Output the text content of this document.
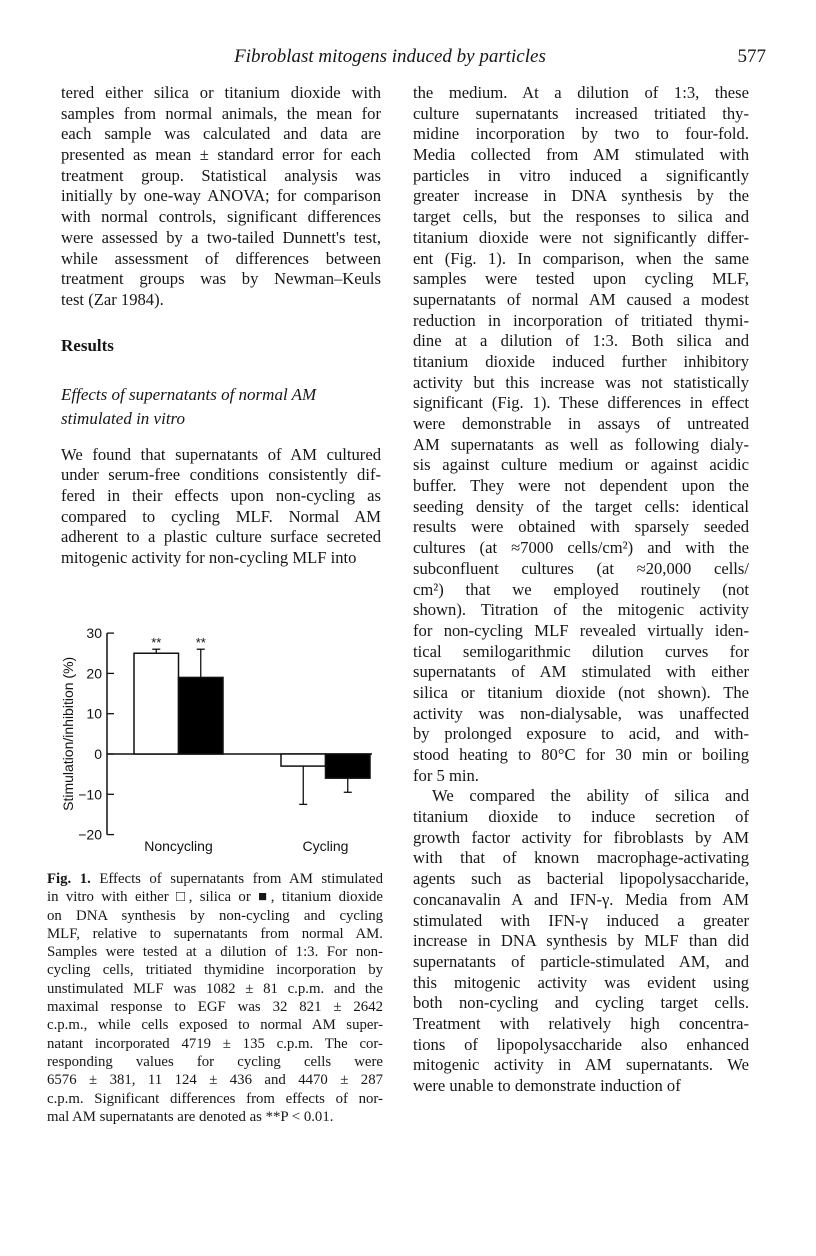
Fibroblast mitogens induced by particles	577
tered either silica or titanium dioxide with
samples from normal animals, the mean for
each sample was calculated and data are
presented as mean ± standard error for each
treatment group. Statistical analysis was
initially by one-way ANOVA; for comparison
with normal controls, significant differences
were assessed by a two-tailed Dunnett's test,
while assessment of differences between
treatment groups was by Newman–Keuls
test (Zar 1984).
Results
Effects of supernatants of normal AM
stimulated in vitro
We found that supernatants of AM cultured
under serum-free conditions consistently dif-
fered in their effects upon non-cycling as
compared to cycling MLF. Normal AM
adherent to a plastic culture surface secreted
mitogenic activity for non-cycling MLF into
30
20
10
0
−10
−20
Stimulation/inhibition (%)
Noncycling
**	**
Cycling
Fig. 1. Effects of supernatants from AM stimulated
in vitro with either □, silica or ■, titanium dioxide
on DNA synthesis by non-cycling and cycling
MLF, relative to supernatants from normal AM.
Samples were tested at a dilution of 1:3. For non-
cycling cells, tritiated thymidine incorporation by
unstimulated MLF was 1082 ± 81 c.p.m. and the
maximal response to EGF was 32 821 ± 2642
c.p.m., while cells exposed to normal AM super-
natant incorporated 4719 ± 135 c.p.m. The cor-
responding values for cycling cells were
6576 ± 381, 11 124 ± 436 and 4470 ± 287
c.p.m. Significant differences from effects of nor-
mal AM supernatants are denoted as **P < 0.01.
the medium. At a dilution of 1:3, these
culture supernatants increased tritiated thy-
midine incorporation by two to four-fold.
Media collected from AM stimulated with
particles in vitro induced a significantly
greater increase in DNA synthesis by the
target cells, but the responses to silica and
titanium dioxide were not significantly differ-
ent (Fig. 1). In comparison, when the same
samples were tested upon cycling MLF,
supernatants of normal AM caused a modest
reduction in incorporation of tritiated thymi-
dine at a dilution of 1:3. Both silica and
titanium dioxide induced further inhibitory
activity but this increase was not statistically
significant (Fig. 1). These differences in effect
were demonstrable in assays of untreated
AM supernatants as well as following dialy-
sis against culture medium or against acidic
buffer. They were not dependent upon the
seeding density of the target cells: identical
results were obtained with sparsely seeded
cultures (at ≈7000 cells/cm²) and with the
subconfluent cultures (at ≈20,000 cells/
cm²) that we employed routinely (not
shown). Titration of the mitogenic activity
for non-cycling MLF revealed virtually iden-
tical semilogarithmic dilution curves for
supernatants of AM stimulated with either
silica or titanium dioxide (not shown). The
activity was non-dialysable, was unaffected
by prolonged exposure to acid, and with-
stood heating to 80°C for 30 min or boiling
for 5 min.
We compared the ability of silica and
titanium dioxide to induce secretion of
growth factor activity for fibroblasts by AM
with that of known macrophage-activating
agents such as bacterial lipopolysaccharide,
concanavalin A and IFN-γ. Media from AM
stimulated with IFN-γ induced a greater
increase in DNA synthesis by MLF than did
supernatants of particle-stimulated AM, and
this mitogenic activity was evident using
both non-cycling and cycling target cells.
Treatment with relatively high concentra-
tions of lipopolysaccharide also enhanced
mitogenic activity in AM supernatants. We
were unable to demonstrate induction of
